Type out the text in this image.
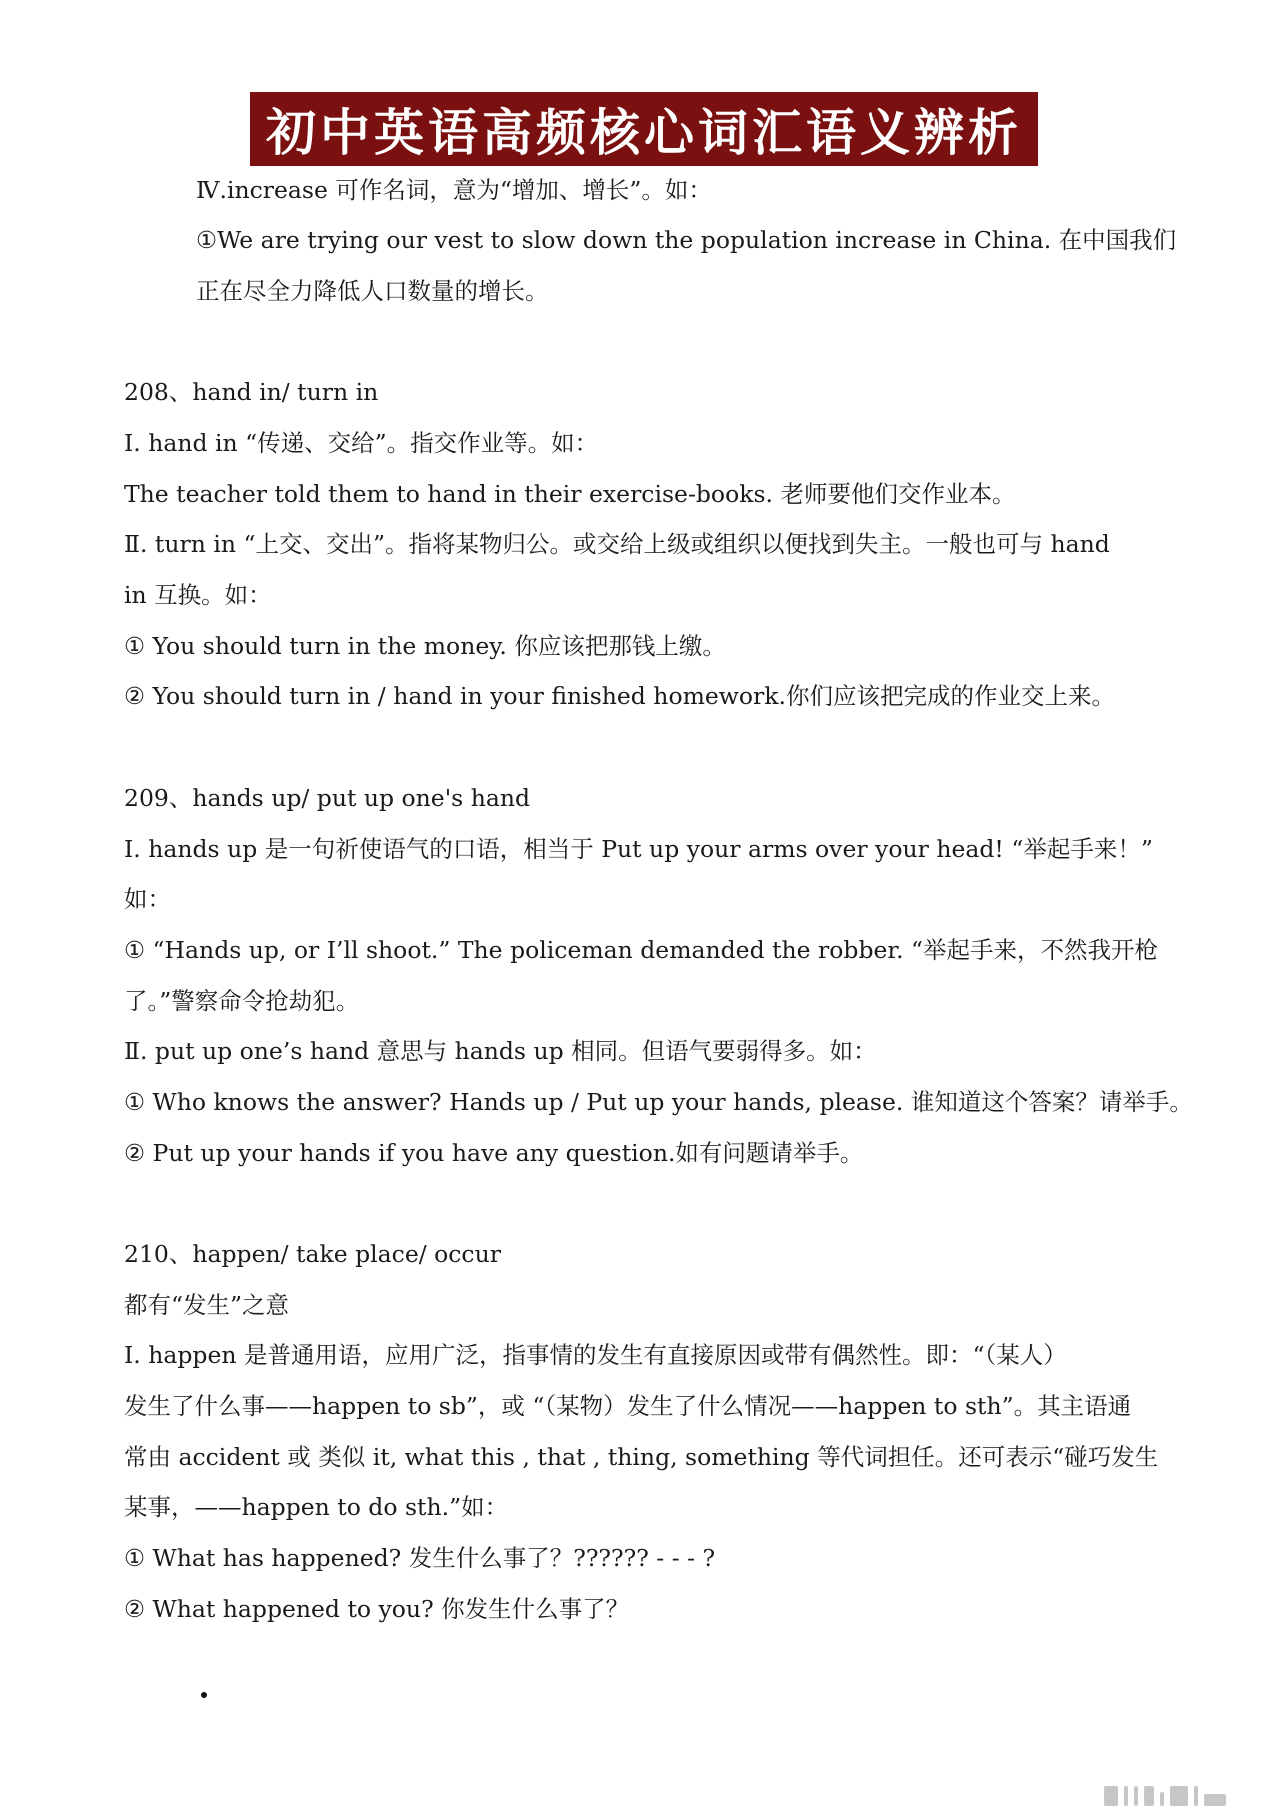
初中英语高频核心词汇语义辨析
Ⅳ.increase 可作名词，意为“增加、增长”。如：
①We are trying our vest to slow down the population increase in China. 在中国我们
正在尽全力降低人口数量的增长。
208、hand in/ turn in
Ⅰ. hand in “传递、交给”。指交作业等。如：
The teacher told them to hand in their exercise-books. 老师要他们交作业本。
Ⅱ. turn in “上交、交出”。指将某物归公。或交给上级或组织以便找到失主。一般也可与 hand
in 互换。如：
① You should turn in the money. 你应该把那钱上缴。
② You should turn in / hand in your finished homework.你们应该把完成的作业交上来。
209、hands up/ put up one's hand
Ⅰ. hands up 是一句祈使语气的口语，相当于 Put up your arms over your head! “举起手来！”
如：
① “Hands up, or I’ll shoot.” The policeman demanded the robber. “举起手来，不然我开枪
了。”警察命令抢劫犯。
Ⅱ. put up one’s hand 意思与 hands up 相同。但语气要弱得多。如：
① Who knows the answer? Hands up / Put up your hands, please. 谁知道这个答案？请举手。
② Put up your hands if you have any question.如有问题请举手。
210、happen/ take place/ occur
都有“发生”之意
Ⅰ. happen 是普通用语，应用广泛，指事情的发生有直接原因或带有偶然性。即：“（某人）
发生了什么事——happen to sb”，或 “（某物）发生了什么情况——happen to sth”。其主语通
常由 accident 或 类似 it, what this , that , thing, something 等代词担任。还可表示“碰巧发生
某事，——happen to do sth.”如：
① What has happened? 发生什么事了？?????? - - - ?
② What happened to you? 你发生什么事了？
